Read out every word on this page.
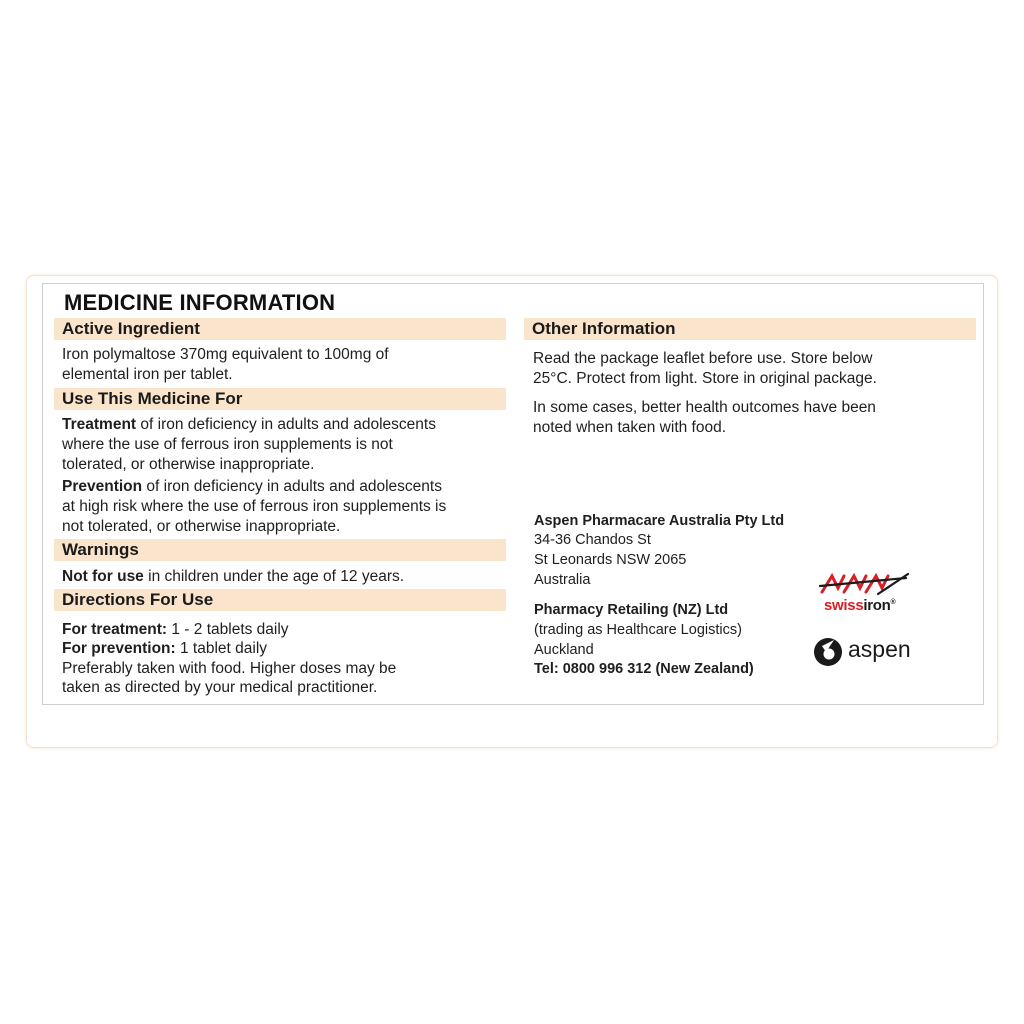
MEDICINE INFORMATION
Active Ingredient
Iron polymaltose 370mg equivalent to 100mg of
elemental iron per tablet.
Use This Medicine For
Treatment of iron deficiency in adults and adolescents
where the use of ferrous iron supplements is not
tolerated, or otherwise inappropriate.
Prevention of iron deficiency in adults and adolescents
at high risk where the use of ferrous iron supplements is
not tolerated, or otherwise inappropriate.
Warnings
Not for use in children under the age of 12 years.
Directions For Use
For treatment: 1 - 2 tablets daily
For prevention: 1 tablet daily
Preferably taken with food. Higher doses may be
taken as directed by your medical practitioner.
Other Information
Read the package leaflet before use. Store below
25°C. Protect from light. Store in original package.
In some cases, better health outcomes have been
noted when taken with food.
Aspen Pharmacare Australia Pty Ltd
34-36 Chandos St
St Leonards NSW 2065
Australia
Pharmacy Retailing (NZ) Ltd
(trading as Healthcare Logistics)
Auckland
Tel: 0800 996 312 (New Zealand)
swissiron®
aspen
